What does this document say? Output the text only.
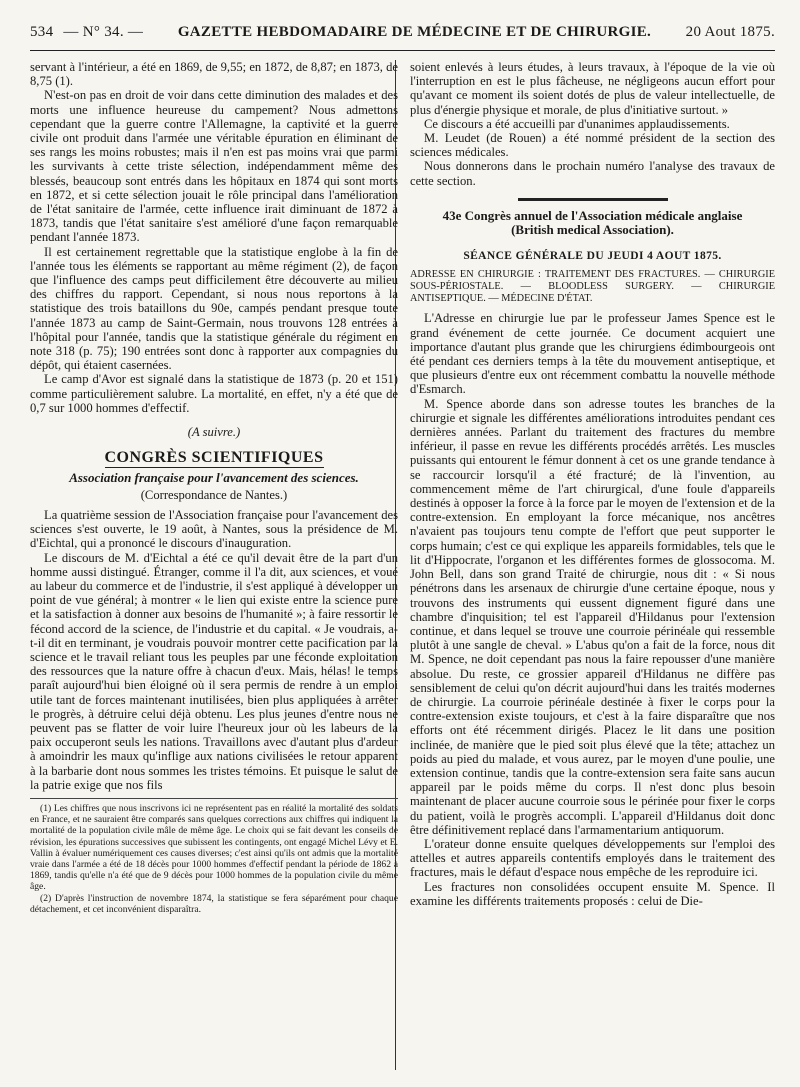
534 — N° 34. —	GAZETTE HEBDOMADAIRE DE MÉDECINE ET DE CHIRURGIE.	20 Aout 1875.

servant à l'intérieur, a été en 1869, de 9,55; en 1872, de 8,87; en 1873, de 8,75 (1).

N'est-on pas en droit de voir dans cette diminution des malades et des morts une influence heureuse du campement? Nous admettons cependant que la guerre contre l'Allemagne, la captivité et la guerre civile ont produit dans l'armée une véritable épuration en éliminant de ses rangs les moins robustes; mais il n'en est pas moins vrai que parmi les survivants à cette triste sélection, indépendamment même des blessés, beaucoup sont entrés dans les hôpitaux en 1874 qui sont morts en 1872, et si cette sélection jouait le rôle principal dans l'amélioration de l'état sanitaire de l'armée, cette influence irait diminuant de 1872 à 1873, tandis que l'état sanitaire s'est amélioré d'une façon remarquable pendant l'année 1873.

Il est certainement regrettable que la statistique englobe à la fin de l'année tous les éléments se rapportant au même régiment (2), de façon que l'influence des camps peut difficilement être découverte au milieu des chiffres du rapport. Cependant, si nous nous reportons à la statistique des trois bataillons du 90e, campés pendant presque toute l'année 1873 au camp de Saint-Germain, nous trouvons 128 entrées à l'hôpital pour l'année, tandis que la statistique générale du régiment en note 318 (p. 75); 190 entrées sont donc à rapporter aux compagnies du dépôt, qui étaient casernées.

Le camp d'Avor est signalé dans la statistique de 1873 (p. 20 et 151) comme particulièrement salubre. La mortalité, en effet, n'y a été que de 0,7 sur 1000 hommes d'effectif.

(A suivre.)

CONGRÈS SCIENTIFIQUES

Association française pour l'avancement des sciences.

(Correspondance de Nantes.)

La quatrième session de l'Association française pour l'avancement des sciences s'est ouverte, le 19 août, à Nantes, sous la présidence de M. d'Eichtal, qui a prononcé le discours d'inauguration.

Le discours de M. d'Eichtal a été ce qu'il devait être de la part d'un homme aussi distingué. Étranger, comme il l'a dit, aux sciences, et voué au labeur du commerce et de l'industrie, il s'est appliqué à développer un point de vue général; à montrer « le lien qui existe entre la science pure et la satisfaction à donner aux besoins de l'humanité »; à faire ressortir le fécond accord de la science, de l'industrie et du capital. « Je voudrais, a-t-il dit en terminant, je voudrais pouvoir montrer cette pacification par la science et le travail reliant tous les peuples par une féconde exploitation des ressources que la nature offre à chacun d'eux. Mais, hélas! le temps paraît aujourd'hui bien éloigné où il sera permis de rendre à un emploi utile tant de forces maintenant inutilisées, bien plus appliquées à arrêter le progrès, à détruire celui déjà obtenu. Les plus jeunes d'entre nous ne peuvent pas se flatter de voir luire l'heureux jour où les labeurs de la paix occuperont seuls les nations. Travaillons avec d'autant plus d'ardeur à amoindrir les maux qu'inflige aux nations civilisées le retour apparent à la barbarie dont nous sommes les tristes témoins. Et puisque le salut de la patrie exige que nos fils

(1) Les chiffres que nous inscrivons ici ne représentent pas en réalité la mortalité des soldats en France, et ne sauraient être comparés sans quelques corrections aux chiffres qui indiquent la mortalité de la population civile mâle de même âge. Le choix qui se fait devant les conseils de révision, les épurations successives que subissent les contingents, ont engagé Michel Lévy et E. Vallin à évaluer numériquement ces causes diverses; c'est ainsi qu'ils ont admis que la mortalité vraie dans l'armée a été de 18 décès pour 1000 hommes d'effectif pendant la période de 1862 à 1869, tandis qu'elle n'a été que de 9 décès pour 1000 hommes de la population civile du même âge.

(2) D'après l'instruction de novembre 1874, la statistique se fera séparément pour chaque détachement, et cet inconvénient disparaîtra.

soient enlevés à leurs études, à leurs travaux, à l'époque de la vie où l'interruption en est le plus fâcheuse, ne négligeons aucun effort pour qu'avant ce moment ils soient dotés de plus de valeur intellectuelle, de plus d'énergie physique et morale, de plus d'initiative surtout. »

Ce discours a été accueilli par d'unanimes applaudissements.

M. Leudet (de Rouen) a été nommé président de la section des sciences médicales.

Nous donnerons dans le prochain numéro l'analyse des travaux de cette section.

43e Congrès annuel de l'Association médicale anglaise

(British medical Association).

SÉANCE GÉNÉRALE DU JEUDI 4 AOUT 1875.

ADRESSE EN CHIRURGIE : TRAITEMENT DES FRACTURES. — CHIRURGIE SOUS-PÉRIOSTALE. — BLOODLESS SURGERY. — CHIRURGIE ANTISEPTIQUE. — MÉDECINE D'ÉTAT.

L'Adresse en chirurgie lue par le professeur James Spence est le grand événement de cette journée. Ce document acquiert une importance d'autant plus grande que les chirurgiens édimbourgeois ont été pendant ces derniers temps à la tête du mouvement antiseptique, et que plusieurs d'entre eux ont récemment combattu la nouvelle méthode d'Esmarch.

M. Spence aborde dans son adresse toutes les branches de la chirurgie et signale les différentes améliorations introduites pendant ces dernières années. Parlant du traitement des fractures du membre inférieur, il passe en revue les différents procédés arrêtés. Les muscles puissants qui entourent le fémur donnent à cet os une grande tendance à se raccourcir lorsqu'il a été fracturé; de là l'invention, au commencement même de l'art chirurgical, d'une foule d'appareils destinés à opposer la force à la force par le moyen de l'extension et de la contre-extension. En employant la force mécanique, nos ancêtres n'avaient pas toujours tenu compte de l'effort que peut supporter le corps humain; c'est ce qui explique les appareils formidables, tels que le lit d'Hippocrate, l'organon et les différentes formes de glossocoma. M. John Bell, dans son grand Traité de chirurgie, nous dit : « Si nous pénétrons dans les arsenaux de chirurgie d'une certaine époque, nous y trouvons des instruments qui eussent dignement figuré dans une chambre d'inquisition; tel est l'appareil d'Hildanus pour l'extension continue, et dans lequel se trouve une courroie périnéale qui ressemble plutôt à une sangle de cheval. » L'abus qu'on a fait de la force, nous dit M. Spence, ne doit cependant pas nous la faire repousser d'une manière absolue. Du reste, ce grossier appareil d'Hildanus ne diffère pas sensiblement de celui qu'on décrit aujourd'hui dans les traités modernes de chirurgie. La courroie périnéale destinée à fixer le corps pour la contre-extension existe toujours, et c'est à la faire disparaître que nos efforts ont été récemment dirigés. Placez le lit dans une position inclinée, de manière que le pied soit plus élevé que la tête; attachez un poids au pied du malade, et vous aurez, par le moyen d'une poulie, une extension continue, tandis que la contre-extension sera faite sans aucun appareil par le poids même du corps. Il n'est donc plus besoin maintenant de placer aucune courroie sous le périnée pour fixer le corps du patient, voilà le progrès accompli. L'appareil d'Hildanus doit donc être définitivement replacé dans l'armamentarium antiquorum.

L'orateur donne ensuite quelques développements sur l'emploi des attelles et autres appareils contentifs employés dans le traitement des fractures, mais le défaut d'espace nous empêche de les reproduire ici.

Les fractures non consolidées occupent ensuite M. Spence. Il examine les différents traitements proposés : celui de Die-
